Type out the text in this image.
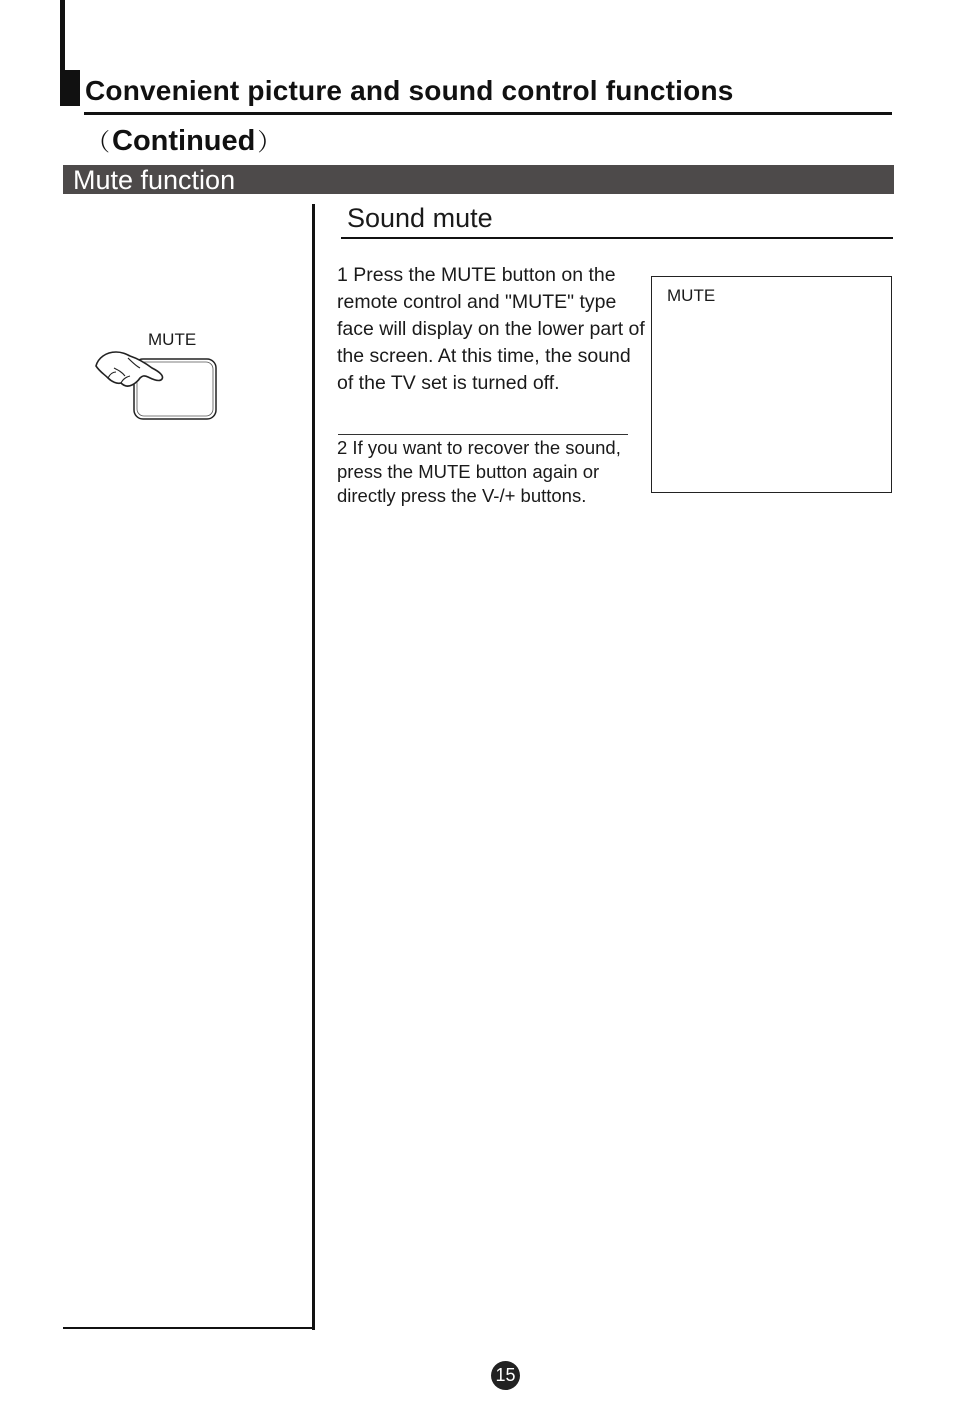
Convenient picture and sound control functions
（Continued）
Mute function
MUTE
Sound mute
1 Press the MUTE button on the remote control and "MUTE" type face will display on the lower part of the screen. At this time, the sound of the TV set is turned off.
2 If you want to recover the sound, press the MUTE button again or directly press the V-/+ buttons.
MUTE
15
